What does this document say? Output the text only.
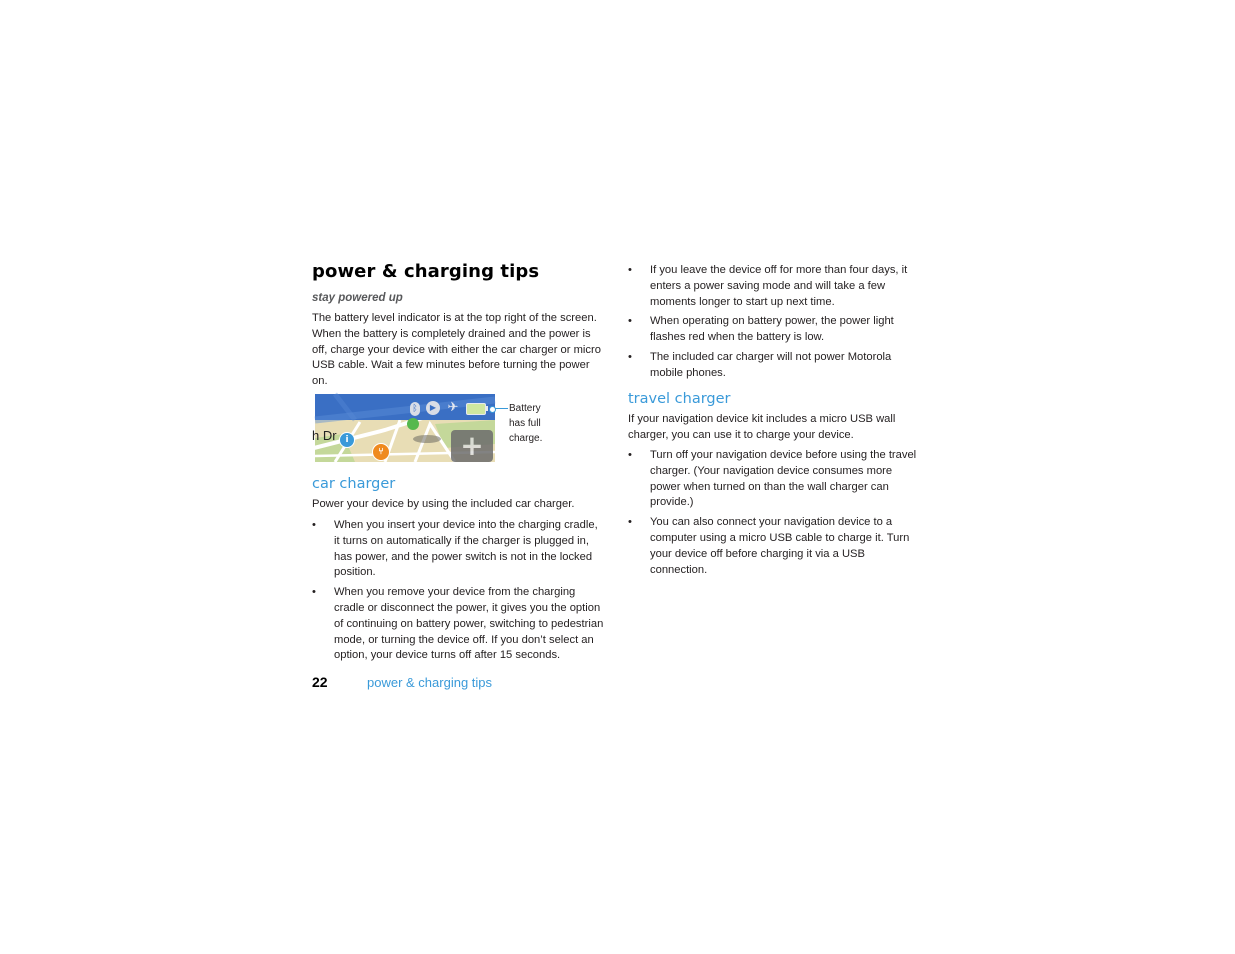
power & charging tips
stay powered up

The battery level indicator is at the top right of the screen. When the battery is completely drained and the power is off, charge your device with either the car charger or micro USB cable. Wait a few minutes before turning the power on.

ᛒ	▶ ✈
h Dr i
⑂	+
Battery has full charge.
car charger

Power your device by using the included car charger.

• When you insert your device into the charging cradle, it turns on automatically if the charger is plugged in, has power, and the power switch is not in the locked position.
• When you remove your device from the charging cradle or disconnect the power, it gives you the option of continuing on battery power, switching to pedestrian mode, or turning the device off. If you don’t select an option, your device turns off after 15 seconds.
• If you leave the device off for more than four days, it enters a power saving mode and will take a few moments longer to start up next time.
• When operating on battery power, the power light flashes red when the battery is low.
• The included car charger will not power Motorola mobile phones.
travel charger

If your navigation device kit includes a micro USB wall charger, you can use it to charge your device.

• Turn off your navigation device before using the travel charger. (Your navigation device consumes more power when turned on than the wall charger can provide.)
• You can also connect your navigation device to a computer using a micro USB cable to charge it. Turn your device off before charging it via a USB connection.
22	power & charging tips
